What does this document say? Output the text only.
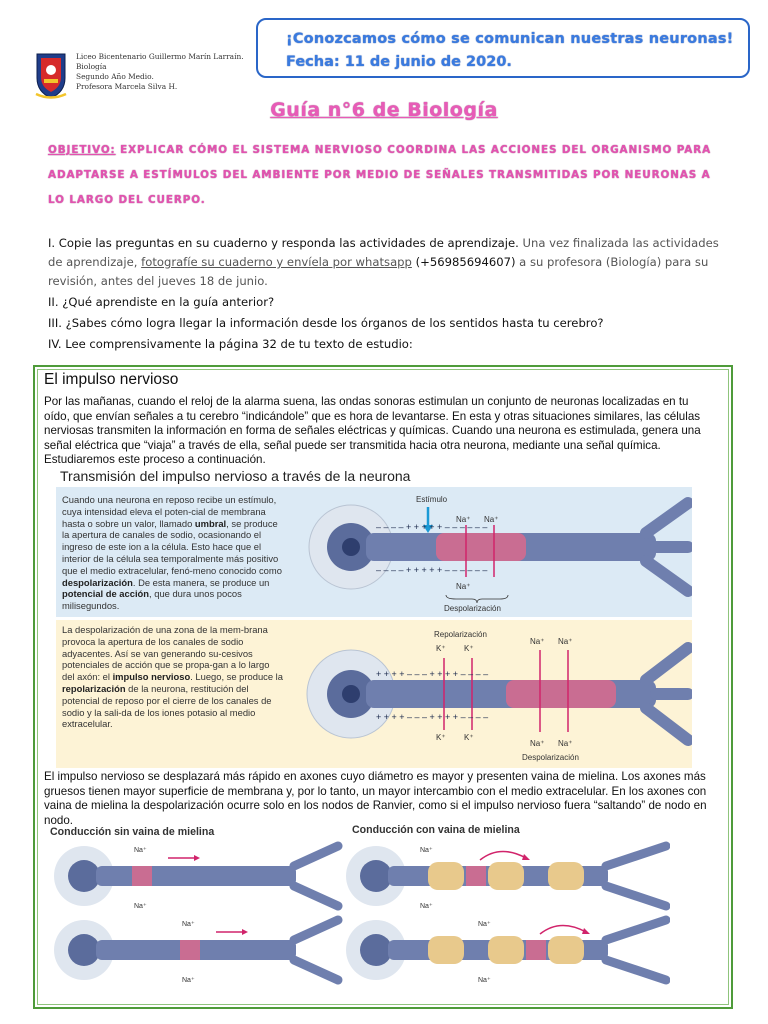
Liceo Bicentenario Guillermo Marín Larraín.
Biología
Segundo Año Medio.
Profesora Marcela Silva H.
¡Conozcamos cómo se comunican nuestras neuronas!
Fecha: 11 de junio de 2020.
Guía n°6 de Biología
OBJETIVO: EXPLICAR CÓMO EL SISTEMA NERVIOSO COORDINA LAS ACCIONES DEL ORGANISMO PARA ADAPTARSE A ESTÍMULOS DEL AMBIENTE POR MEDIO DE SEÑALES TRANSMITIDAS POR NEURONAS A LO LARGO DEL CUERPO.

I. Copie las preguntas en su cuaderno y responda las actividades de aprendizaje. Una vez finalizada las actividades de aprendizaje, fotografíe su cuaderno y envíela por whatsapp (+56985694607) a su profesora (Biología) para su revisión, antes del jueves 18 de junio.

II. ¿Qué aprendiste en la guía anterior?

III. ¿Sabes cómo logra llegar la información desde los órganos de los sentidos hasta tu cerebro?

IV. Lee comprensivamente la página 32 de tu texto de estudio:

El impulso nervioso

Por las mañanas, cuando el reloj de la alarma suena, las ondas sonoras estimulan un conjunto de neuronas localizadas en tu oído, que envían señales a tu cerebro “indicándole” que es hora de levantarse. En esta y otras situaciones similares, las células nerviosas transmiten la información en forma de señales eléctricas y químicas. Cuando una neurona es estimulada, genera una señal eléctrica que “viaja” a través de ella, señal puede ser transmitida hacia otra neurona, mediante una señal química. Estudiaremos este proceso a continuación.

Transmisión del impulso nervioso a través de la neurona
Cuando una neurona en reposo recibe un estímulo, cuya intensidad eleva el poten-cial de membrana hasta o sobre un valor, llamado umbral, se produce la apertura de canales de sodio, ocasionando el ingreso de este ion a la célula. Esto hace que el interior de la célula sea temporalmente más positivo que el medio extracelular, fenó-meno conocido como despolarización. De esta manera, se produce un potencial de acción, que dura unos pocos milisegundos.
Estímulo
Na⁺ Na⁺
Na⁺
Despolarización
– – – – + + + + + – – – – – –
– – – – + + + + + – – – – – –
La despolarización de una zona de la mem-brana provoca la apertura de los canales de sodio adyacentes. Así se van generando su-cesivos potenciales de acción que se propa-gan a lo largo del axón: el impulso nervioso. Luego, se produce la repolarización de la neurona, restitución del potencial de reposo por el cierre de los canales de sodio y la sali-da de los iones potasio al medio extracelular.
Repolarización
K⁺ K⁺
K⁺ K⁺
Na⁺ Na⁺
Na⁺ Na⁺
Despolarización
+ + + + – – – + + + + – – – –
+ + + + – – – + + + + – – – –

El impulso nervioso se desplazará más rápido en axones cuyo diámetro es mayor y presenten vaina de mielina. Los axones más gruesos tienen mayor superficie de membrana y, por lo tanto, un mayor intercambio con el medio extracelular. En los axones con vaina de mielina la despolarización ocurre solo en los nodos de Ranvier, como si el impulso nervioso fuera “saltando” de nodo en nodo.

Conducción sin vaina de mielina	Conducción con vaina de mielina
Na⁺
Na⁺
Na⁺
Na⁺
Na⁺
Na⁺
Na⁺
Na⁺
